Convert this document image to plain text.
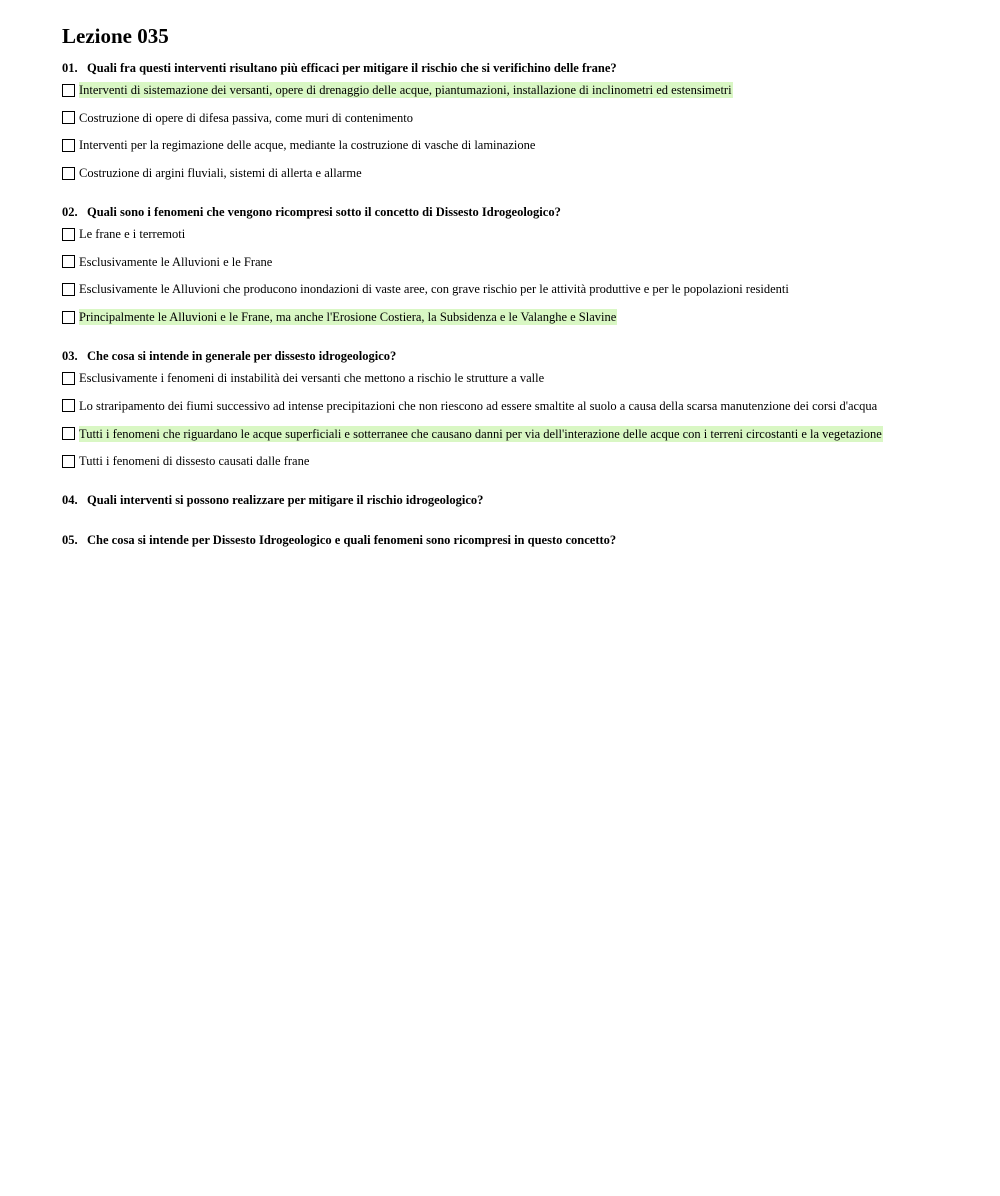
Lezione 035
01. Quali fra questi interventi risultano più efficaci per mitigare il rischio che si verifichino delle frane?
Interventi di sistemazione dei versanti, opere di drenaggio delle acque, piantumazioni, installazione di inclinometri ed estensimetri
Costruzione di opere di difesa passiva, come muri di contenimento
Interventi per la regimazione delle acque, mediante la costruzione di vasche di laminazione
Costruzione di argini fluviali, sistemi di allerta e allarme
02. Quali sono i fenomeni che vengono ricompresi sotto il concetto di Dissesto Idrogeologico?
Le frane e i terremoti
Esclusivamente le Alluvioni e le Frane
Esclusivamente le Alluvioni che producono inondazioni di vaste aree, con grave rischio per le attività produttive e per le popolazioni residenti
Principalmente le Alluvioni e le Frane, ma anche l'Erosione Costiera, la Subsidenza e le Valanghe e Slavine
03. Che cosa si intende in generale per dissesto idrogeologico?
Esclusivamente i fenomeni di instabilità dei versanti che mettono a rischio le strutture a valle
Lo straripamento dei fiumi successivo ad intense precipitazioni che non riescono ad essere smaltite al suolo a causa della scarsa manutenzione dei corsi d'acqua
Tutti i fenomeni che riguardano le acque superficiali e sotterranee che causano danni per via dell'interazione delle acque con i terreni circostanti e la vegetazione
Tutti i fenomeni di dissesto causati dalle frane
04. Quali interventi si possono realizzare per mitigare il rischio idrogeologico?
05. Che cosa si intende per Dissesto Idrogeologico e quali fenomeni sono ricompresi in questo concetto?
